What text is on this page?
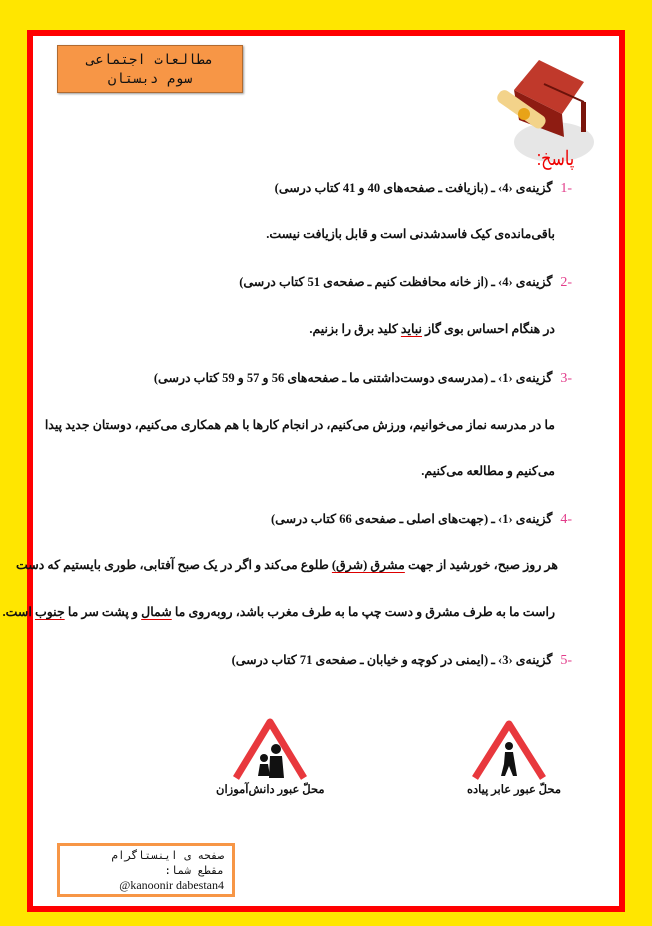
مطالعات اجتماعی
سوم دبستان
پاسخ:
-1گزینه‌ی ‹4› ـ (بازیافت ـ صفحه‌های 40 و 41 کتاب درسی)
باقی‌مانده‌ی کیک فاسدشدنی است و قابل بازیافت نیست.
-2گزینه‌ی ‹4› ـ (از خانه محافظت کنیم ـ صفحه‌ی 51 کتاب درسی)
در هنگام احساس بوی گاز نباید کلید برق را بزنیم.
-3گزینه‌ی ‹1› ـ (مدرسه‌ی دوست‌داشتنی ما ـ صفحه‌های 56 و 57 و 59 کتاب درسی)
ما در مدرسه نماز می‌خوانیم، ورزش می‌کنیم، در انجام کارها با هم همکاری می‌کنیم، دوستان جدید پیدا
می‌کنیم و مطالعه می‌کنیم.
-4گزینه‌ی ‹1› ـ (جهت‌های اصلی ـ صفحه‌ی 66 کتاب درسی)
هر روز صبح، خورشید از جهت مشرق (شرق) طلوع می‌کند و اگر در یک صبح آفتابی، طوری بایستیم که دست
راست ما به طرف مشرق و دست چپ ما به طرف مغرب باشد، روبه‌روی ما شمال و پشت سر ما جنوب است.
-5گزینه‌ی ‹3› ـ (ایمنی در کوچه و خیابان ـ صفحه‌ی 71 کتاب درسی)
محلّ عبور دانش‌آموزان	محلّ عبور عابر پیاده
صفحه ی اینستاگرام
مقطع شما:
@kanoonir dabestan4
